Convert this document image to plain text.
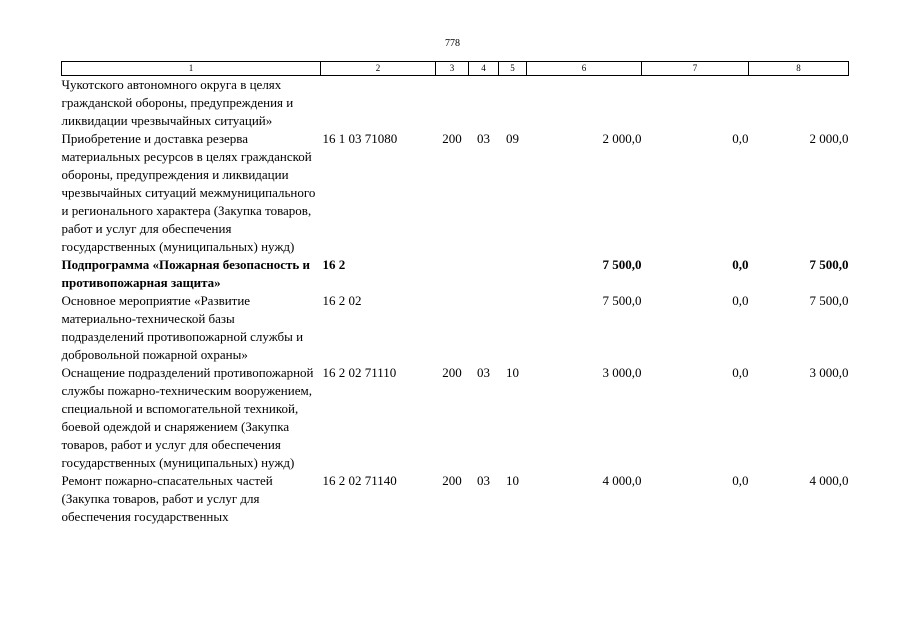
778
1	2	3	4	5	6	7	8
Чукотского автономного округа в целях гражданской обороны, предупреждения и ликвидации чрезвычайных ситуаций»							
Приобретение и доставка резерва материальных ресурсов в целях гражданской обороны, предупреждения и ликвидации чрезвычайных ситуаций межмуниципального и регионального характера (Закупка товаров, работ и услуг для обеспечения государственных (муниципальных) нужд)	16 1 03 71080	200	03	09	2 000,0	0,0	2 000,0
Подпрограмма «Пожарная безопасность и противопожарная защита»	16 2				7 500,0	0,0	7 500,0
Основное мероприятие «Развитие материально-технической базы подразделений противопожарной службы и добровольной пожарной охраны»	16 2 02				7 500,0	0,0	7 500,0
Оснащение подразделений противопожарной службы пожарно-техническим вооружением, специальной и вспомогательной техникой, боевой одеждой и снаряжением (Закупка товаров, работ и услуг для обеспечения государственных (муниципальных) нужд)	16 2 02 71110	200	03	10	3 000,0	0,0	3 000,0
Ремонт пожарно-спасательных частей (Закупка товаров, работ и услуг для обеспечения государственных	16 2 02 71140	200	03	10	4 000,0	0,0	4 000,0
